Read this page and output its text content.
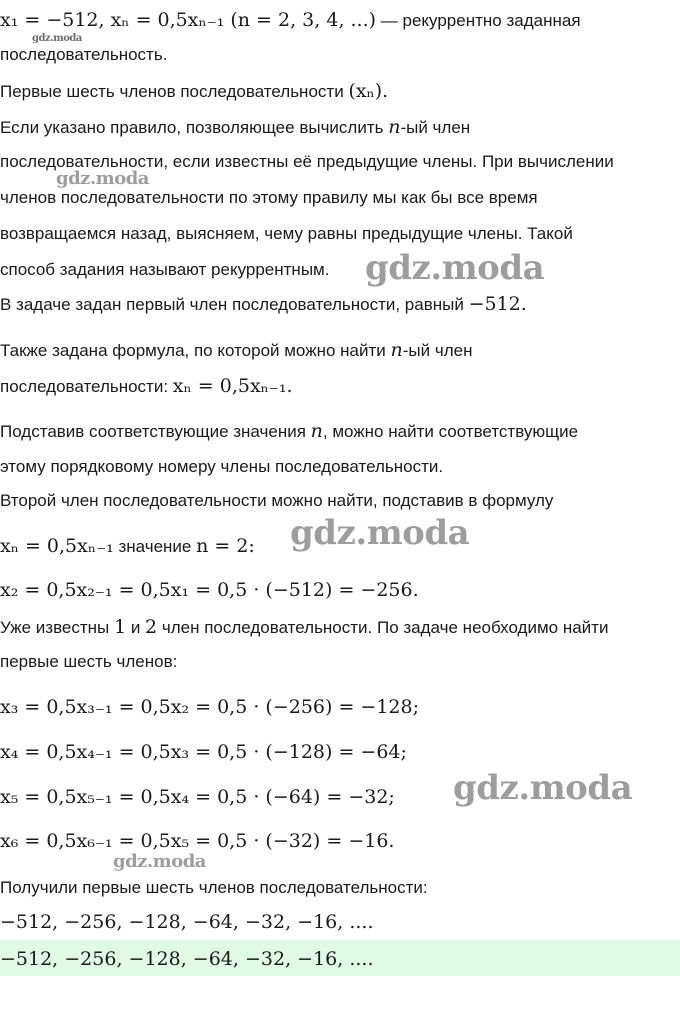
x₁ = −512, xₙ = 0,5xₙ₋₁ (n = 2, 3, 4, ...) — рекуррентно заданная
последовательность.
Первые шесть членов последовательности (xₙ).
Если указано правило, позволяющее вычислить n-ый член
последовательности, если известны её предыдущие члены. При вычислении
членов последовательности по этому правилу мы как бы все время
возвращаемся назад, выясняем, чему равны предыдущие члены. Такой
способ задания называют рекуррентным.
В задаче задан первый член последовательности, равный −512.
Также задана формула, по которой можно найти n-ый член
последовательности: xₙ = 0,5xₙ₋₁.
Подставив соответствующие значения n, можно найти соответствующие
этому порядковому номеру члены последовательности.
Второй член последовательности можно найти, подставив в формулу
xₙ = 0,5xₙ₋₁ значение n = 2:
x₂ = 0,5x₂₋₁ = 0,5x₁ = 0,5 · (−512) = −256.
Уже известны 1 и 2 член последовательности. По задаче необходимо найти
первые шесть членов:
x₃ = 0,5x₃₋₁ = 0,5x₂ = 0,5 · (−256) = −128;
x₄ = 0,5x₄₋₁ = 0,5x₃ = 0,5 · (−128) = −64;
x₅ = 0,5x₅₋₁ = 0,5x₄ = 0,5 · (−64) = −32;
x₆ = 0,5x₆₋₁ = 0,5x₅ = 0,5 · (−32) = −16.
Получили первые шесть членов последовательности:
−512, −256, −128, −64, −32, −16, ....
−512, −256, −128, −64, −32, −16, ....
gdz.moda
gdz.moda
gdz.moda
gdz.moda
gdz.moda
gdz.moda
